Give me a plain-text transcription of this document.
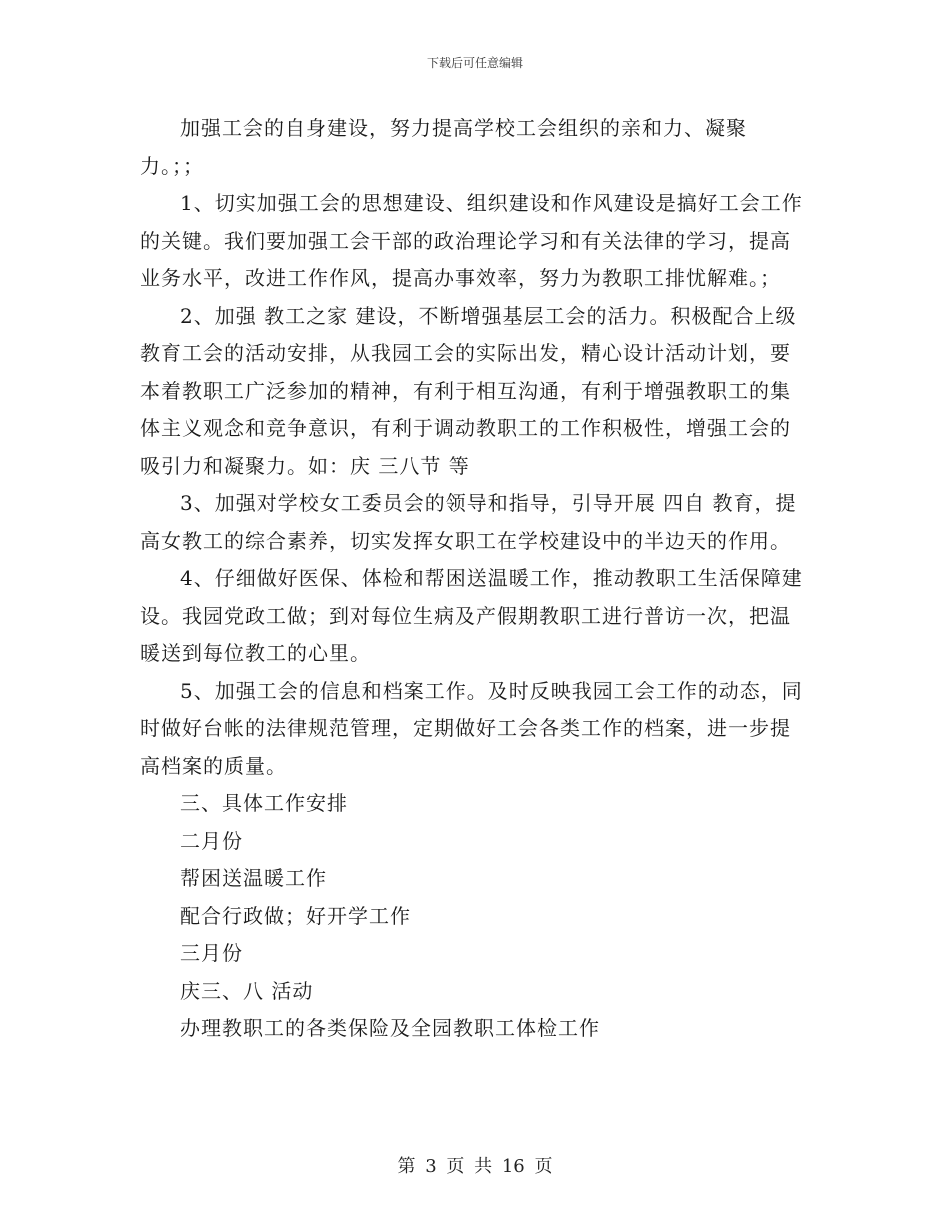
下载后可任意编辑

加强工会的自身建设，努力提高学校工会组织的亲和力、凝聚力。；；

1、切实加强工会的思想建设、组织建设和作风建设是搞好工会工作的关键。我们要加强工会干部的政治理论学习和有关法律的学习，提高业务水平，改进工作作风，提高办事效率，努力为教职工排忧解难。；

2、加强 教工之家 建设，不断增强基层工会的活力。积极配合上级教育工会的活动安排，从我园工会的实际出发，精心设计活动计划，要本着教职工广泛参加的精神，有利于相互沟通，有利于增强教职工的集体主义观念和竞争意识，有利于调动教职工的工作积极性，增强工会的吸引力和凝聚力。如：庆 三八节 等

3、加强对学校女工委员会的领导和指导，引导开展 四自 教育，提高女教工的综合素养，切实发挥女职工在学校建设中的半边天的作用。

4、仔细做好医保、体检和帮困送温暖工作，推动教职工生活保障建设。我园党政工做；到对每位生病及产假期教职工进行普访一次，把温暖送到每位教工的心里。

5、加强工会的信息和档案工作。及时反映我园工会工作的动态，同时做好台帐的法律规范管理，定期做好工会各类工作的档案，进一步提高档案的质量。

三、具体工作安排

二月份

帮困送温暖工作

配合行政做；好开学工作

三月份

庆三、八 活动

办理教职工的各类保险及全园教职工体检工作

第 3 页 共 16 页
